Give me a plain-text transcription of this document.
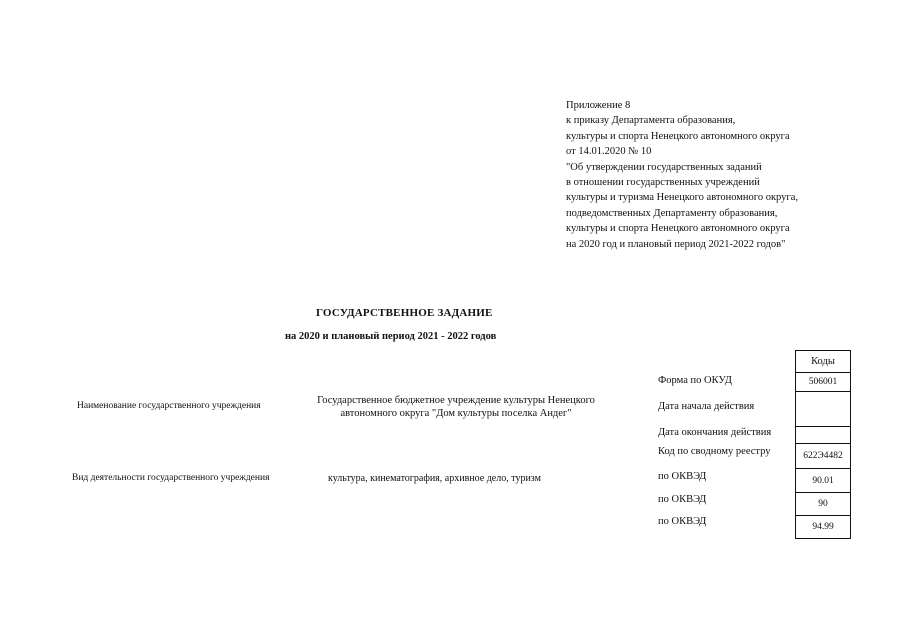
Приложение 8
к приказу Департамента образования,
культуры и спорта Ненецкого автономного округа
от 14.01.2020 № 10
"Об утверждении государственных заданий
в отношении государственных учреждений
культуры и туризма Ненецкого автономного округа,
подведомственных Департаменту образования,
культуры и спорта Ненецкого автономного округа
на 2020 год и плановый период 2021-2022 годов"
ГОСУДАРСТВЕННОЕ ЗАДАНИЕ
на 2020 и плановый период 2021 - 2022 годов
Наименование государственного учреждения	Государственное бюджетное учреждение культуры Ненецкого автономного округа "Дом культуры поселка Андег"
Вид деятельности государственного учреждения	культура, кинематография, архивное дело, туризм
Форма по ОКУД
Дата начала действия
Дата окончания действия
Код по сводному реестру
по ОКВЭД
по ОКВЭД
по ОКВЭД
Коды
506001
622Э4482
90.01
90
94.99
